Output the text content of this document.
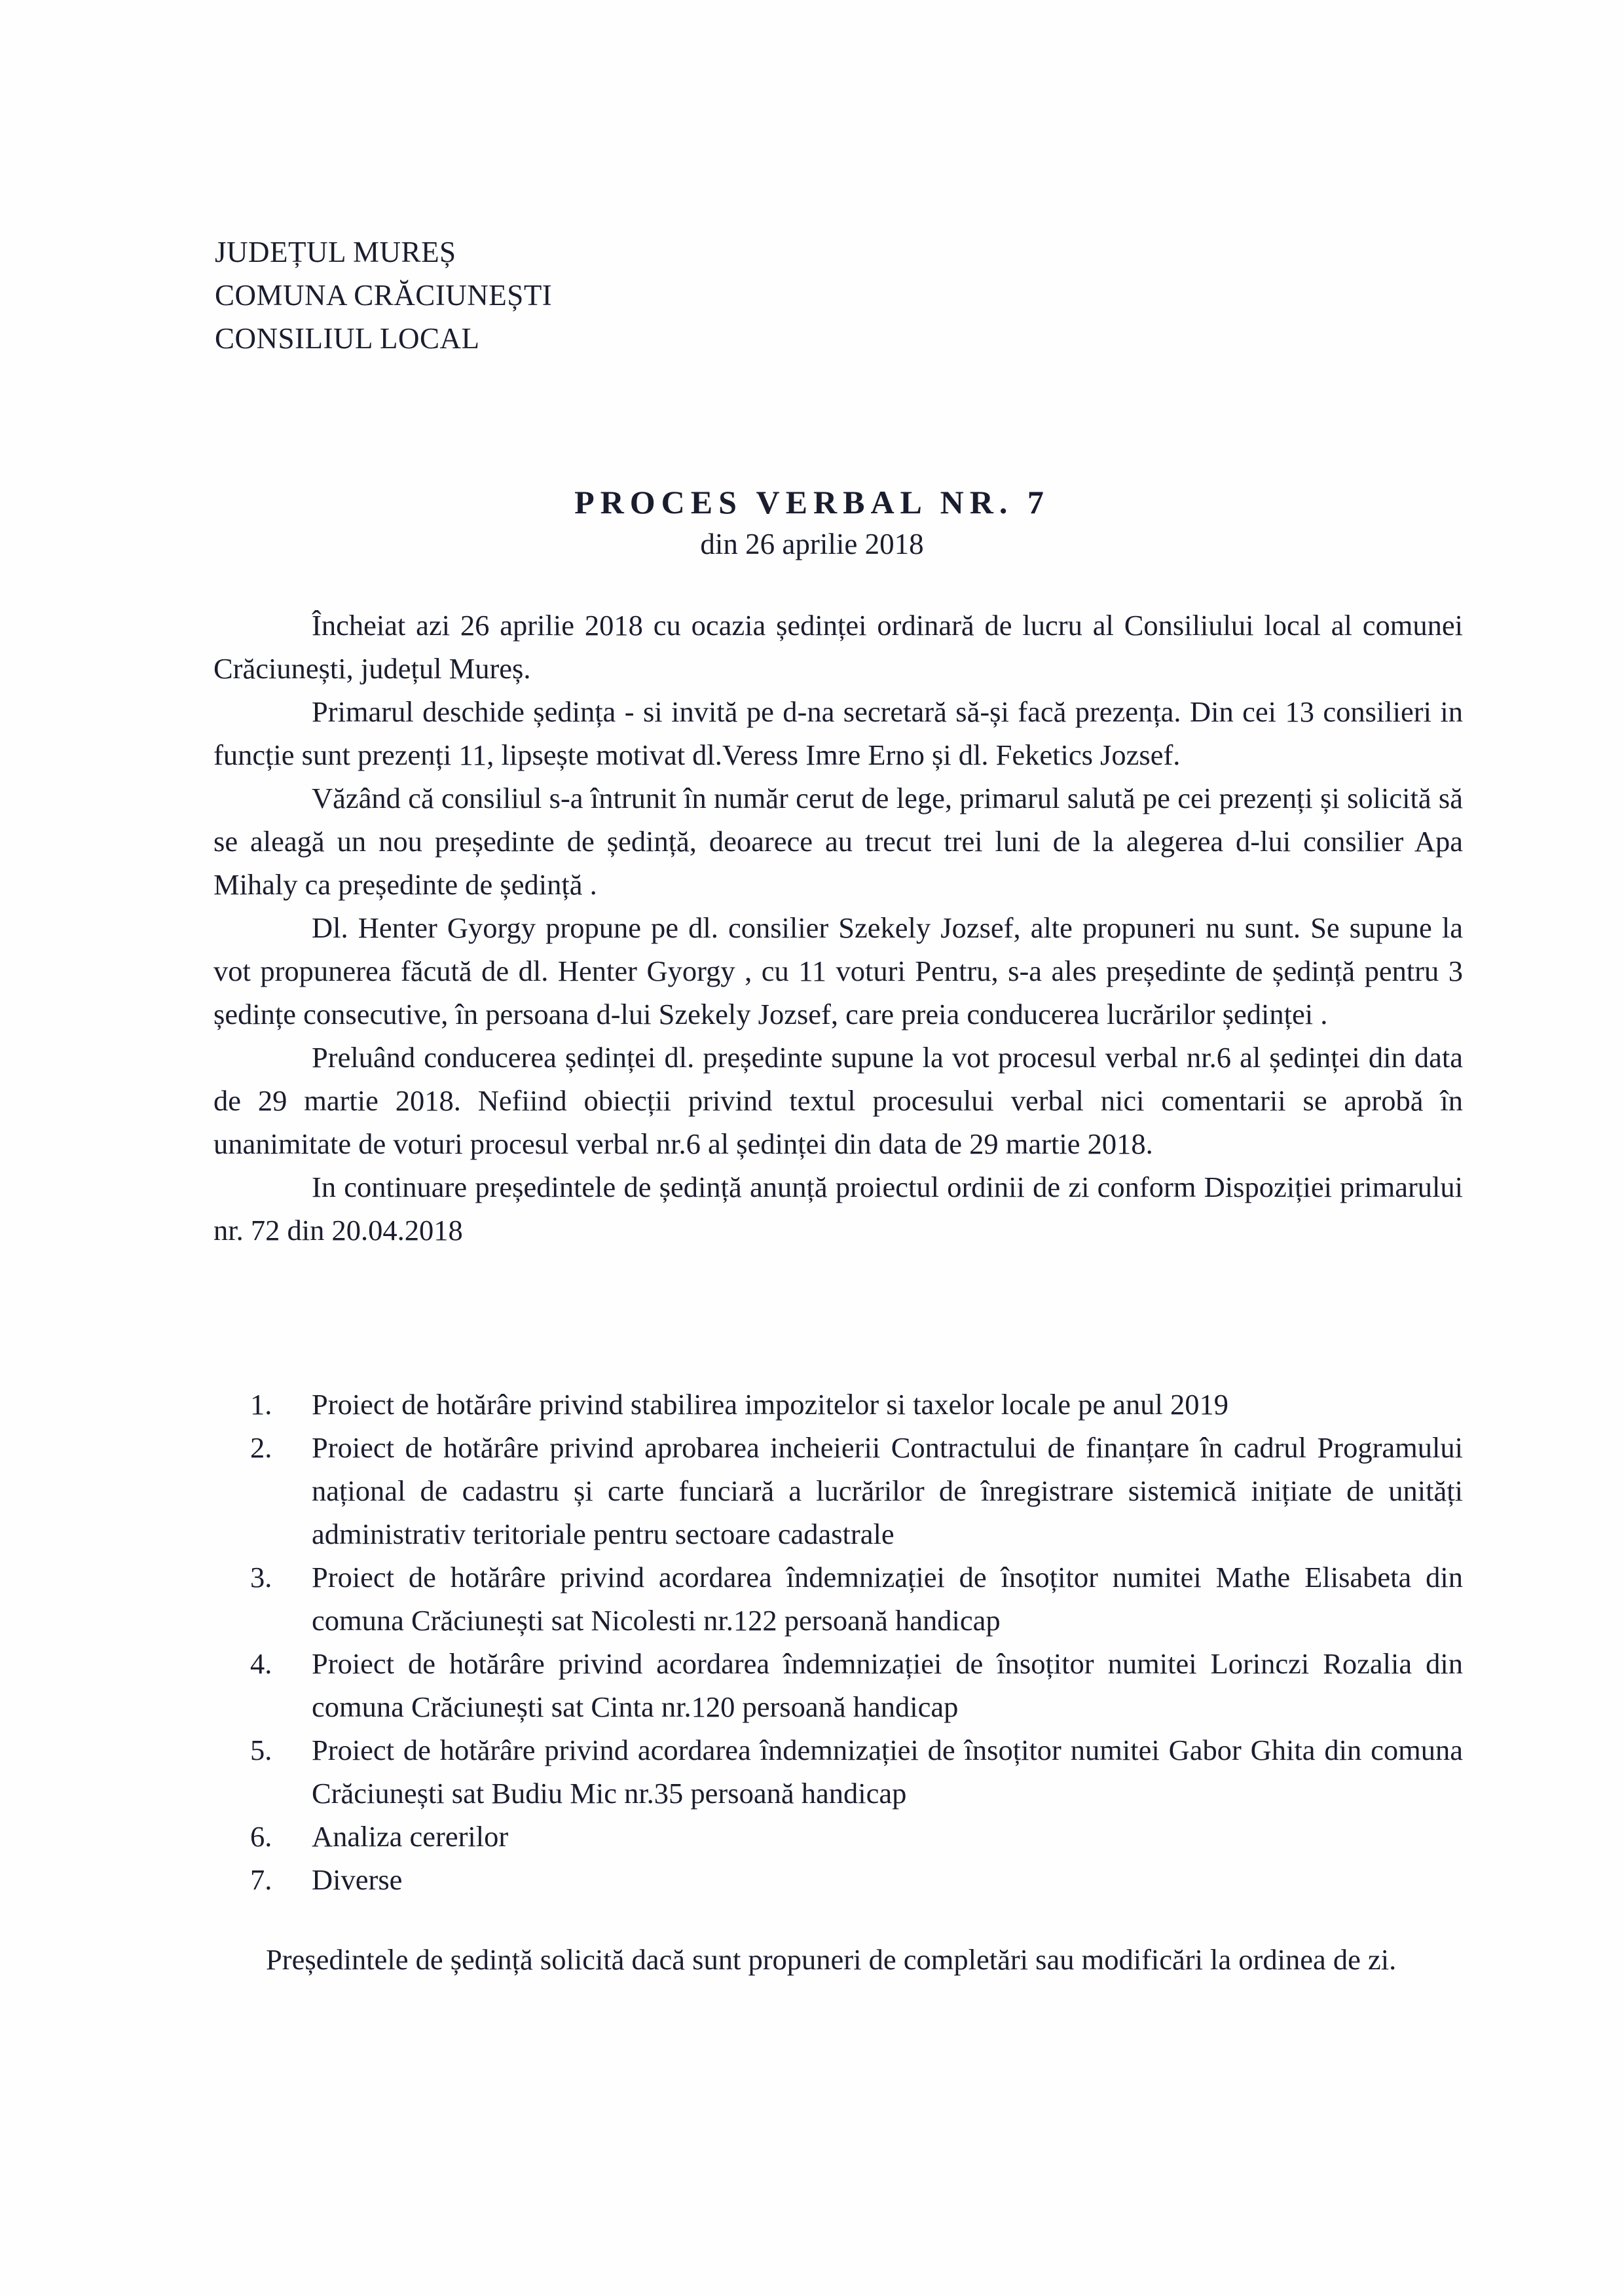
JUDEȚUL MUREȘ
COMUNA CRĂCIUNEȘTI
CONSILIUL LOCAL
PROCES VERBAL NR. 7
din 26 aprilie 2018

Încheiat azi 26 aprilie 2018 cu ocazia ședinței ordinară de lucru al Consiliului local al comunei Crăciunești, județul Mureș.

Primarul deschide ședința - si invită pe d-na secretară să-și facă prezența. Din cei 13 consilieri in funcție sunt prezenți 11, lipsește motivat dl.Veress Imre Erno și dl. Feketics Jozsef.

Văzând că consiliul s-a întrunit în număr cerut de lege, primarul salută pe cei prezenți și solicită să se aleagă un nou președinte de ședință, deoarece au trecut trei luni de la alegerea d-lui consilier Apa Mihaly ca președinte de ședință .

Dl. Henter Gyorgy propune pe dl. consilier Szekely Jozsef, alte propuneri nu sunt. Se supune la vot propunerea făcută de dl. Henter Gyorgy , cu 11 voturi Pentru, s-a ales președinte de ședință pentru 3 ședințe consecutive, în persoana d-lui Szekely Jozsef, care preia conducerea lucrărilor ședinței .

Preluând conducerea ședinței dl. președinte supune la vot procesul verbal nr.6 al ședinței din data de 29 martie 2018. Nefiind obiecții privind textul procesului verbal nici comentarii se aprobă în unanimitate de voturi procesul verbal nr.6 al ședinței din data de 29 martie 2018.

In continuare președintele de ședință anunță proiectul ordinii de zi conform Dispoziției primarului nr. 72 din 20.04.2018

1. Proiect de hotărâre privind stabilirea impozitelor si taxelor locale pe anul 2019
2. Proiect de hotărâre privind aprobarea incheierii Contractului de finanțare în cadrul Programului național de cadastru și carte funciară a lucrărilor de înregistrare sistemică inițiate de unități administrativ teritoriale pentru sectoare cadastrale
3. Proiect de hotărâre privind acordarea îndemnizației de însoțitor numitei Mathe Elisabeta din comuna Crăciunești sat Nicolesti nr.122 persoană handicap
4. Proiect de hotărâre privind acordarea îndemnizației de însoțitor numitei Lorinczi Rozalia din comuna Crăciunești sat Cinta nr.120 persoană handicap
5. Proiect de hotărâre privind acordarea îndemnizației de însoțitor numitei Gabor Ghita din comuna Crăciunești sat Budiu Mic nr.35 persoană handicap
6. Analiza cererilor
7. Diverse

Președintele de ședință solicită dacă sunt propuneri de completări sau modificări la ordinea de zi.
